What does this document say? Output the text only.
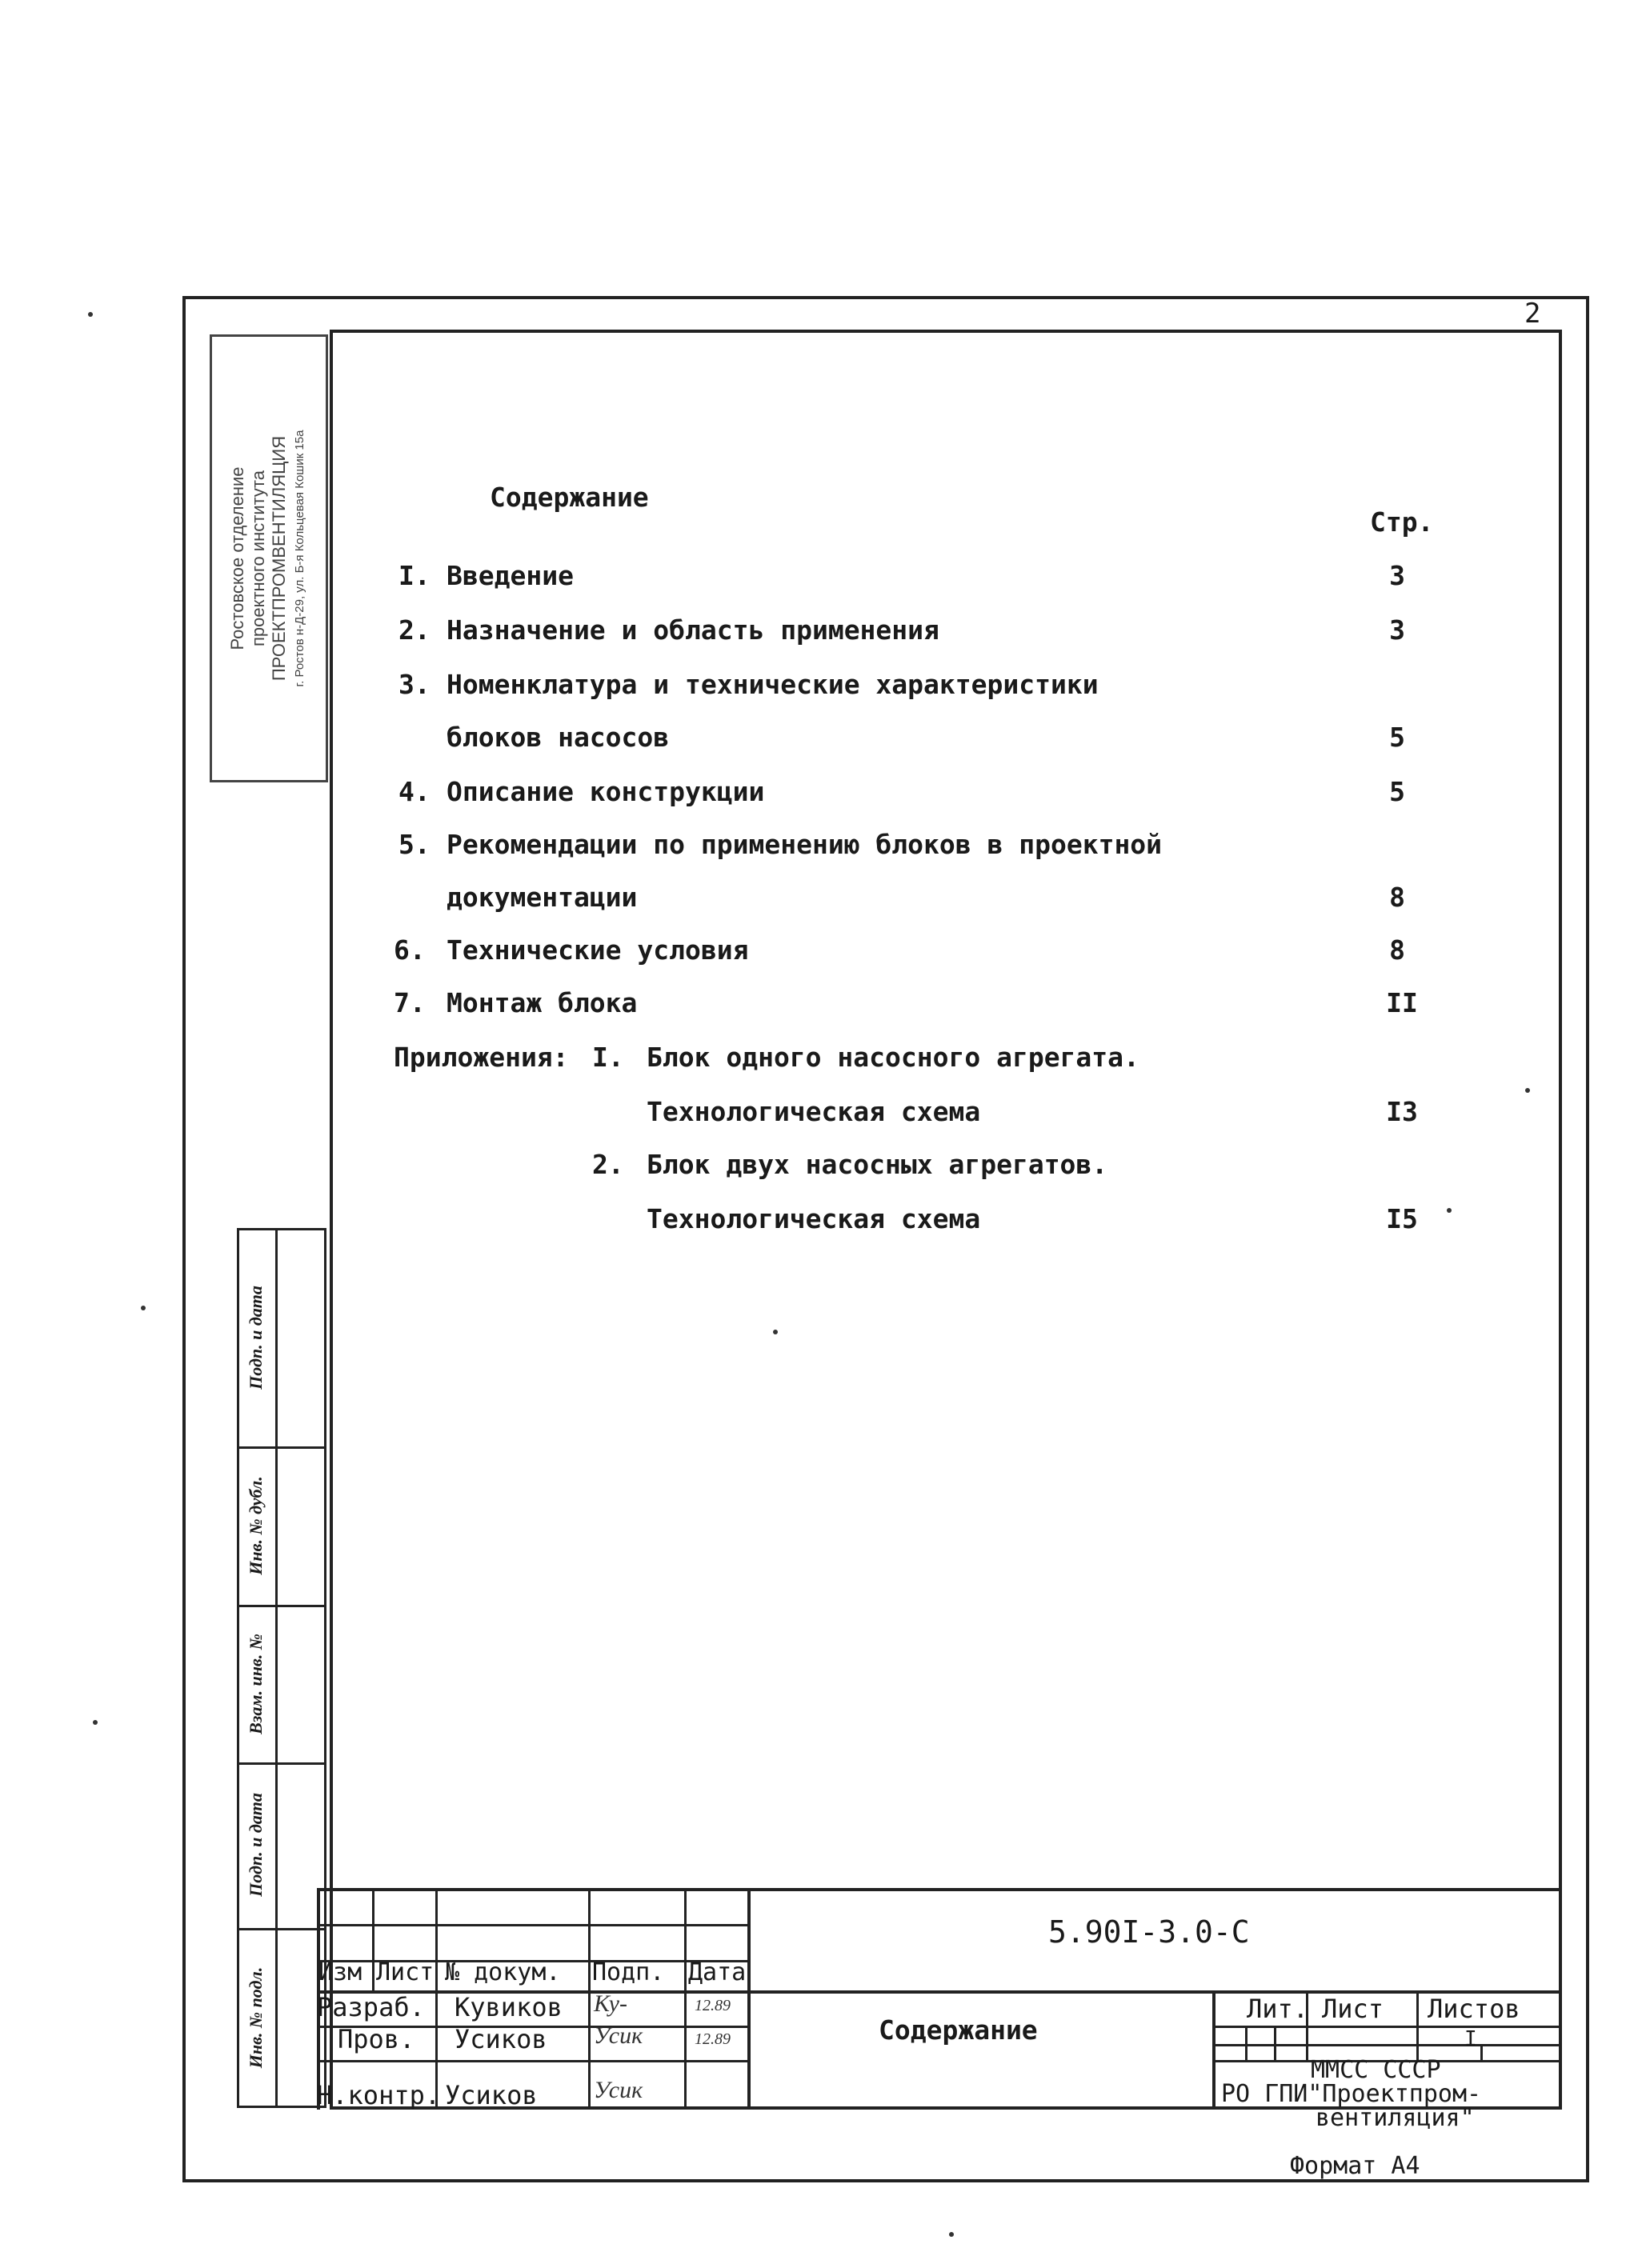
2
Ростовское отделение проектного института ПРОЕКТПРОМВЕНТИЛЯЦИЯ г. Ростов н-Д-29, ул. Б-я Кольцевая Кошик 15а
Подп. и дата
Инв. № дубл.
Взам. инв. №
Подп. и дата
Инв. № подл.
Содержание
Стр.
I. Введение	3
2. Назначение и область применения	3
3. Номенклатура и технические характеристики
блоков насосов	5
4. Описание конструкции	5
5. Рекомендации по применению блоков в проектной
документации	8
6. Технические условия	8
7. Монтаж блока	II
Приложения: I. Блок одного насосного агрегата.
Технологическая схема	I3
2. Блок двух насосных агрегатов.
Технологическая схема	I5
5.90I-3.0-С
Изм Лист № докум. Подп. Дата
Разраб. Кувиков Ку-	12.89
Пров. Усиков Усик	12.89
Н.контр. Усиков Усик
Содержание
Лит. Лист Листов
I
ММСС СССР
РО ГПИ"Проектпром-
вентиляция"
Формат А4
